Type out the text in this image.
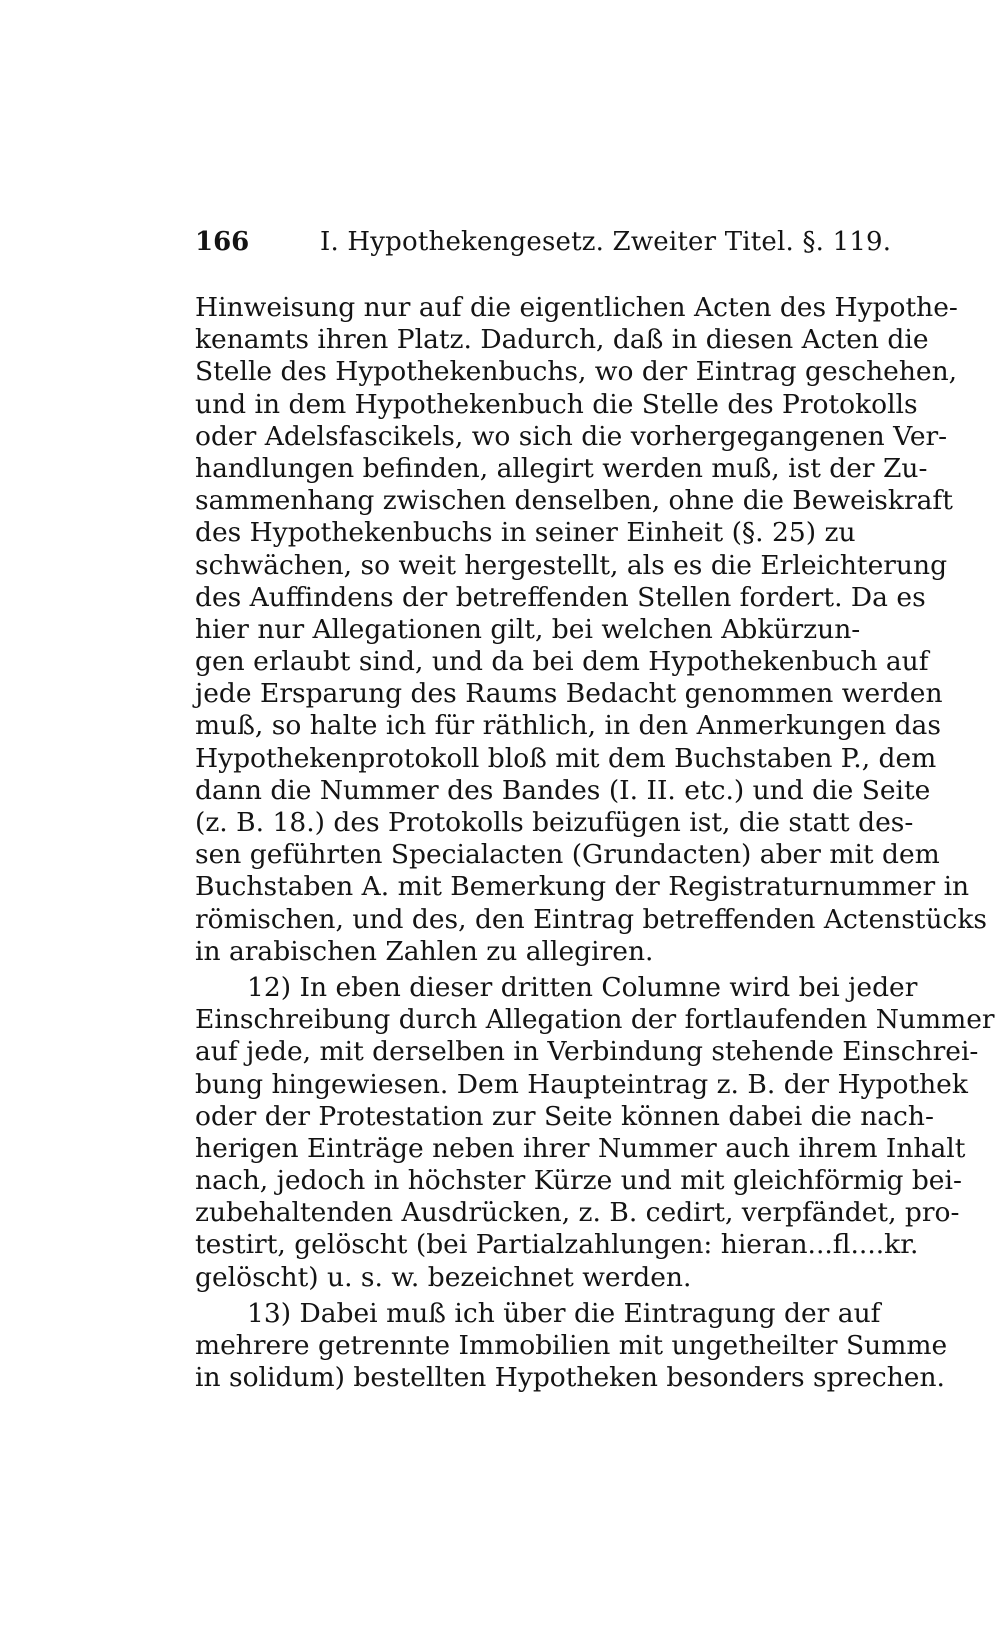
166	I. Hypothekengesetz. Zweiter Titel. §. 119.
Hinweisung nur auf die eigentlichen Acten des Hypothe-
kenamts ihren Platz. Dadurch, daß in diesen Acten die
Stelle des Hypothekenbuchs, wo der Eintrag geschehen,
und in dem Hypothekenbuch die Stelle des Protokolls
oder Adelsfascikels, wo sich die vorhergegangenen Ver-
handlungen befinden, allegirt werden muß, ist der Zu-
sammenhang zwischen denselben, ohne die Beweiskraft
des Hypothekenbuchs in seiner Einheit (§. 25) zu
schwächen, so weit hergestellt, als es die Erleichterung
des Auffindens der betreffenden Stellen fordert. Da es
hier nur Allegationen gilt, bei welchen Abkürzun-
gen erlaubt sind, und da bei dem Hypothekenbuch auf
jede Ersparung des Raums Bedacht genommen werden
muß, so halte ich für räthlich, in den Anmerkungen das
Hypothekenprotokoll bloß mit dem Buchstaben P., dem
dann die Nummer des Bandes (I. II. etc.) und die Seite
(z. B. 18.) des Protokolls beizufügen ist, die statt des-
sen geführten Specialacten (Grundacten) aber mit dem
Buchstaben A. mit Bemerkung der Registraturnummer in
römischen, und des, den Eintrag betreffenden Actenstücks
in arabischen Zahlen zu allegiren.
12) In eben dieser dritten Columne wird bei jeder
Einschreibung durch Allegation der fortlaufenden Nummer
auf jede, mit derselben in Verbindung stehende Einschrei-
bung hingewiesen. Dem Haupteintrag z. B. der Hypothek
oder der Protestation zur Seite können dabei die nach-
herigen Einträge neben ihrer Nummer auch ihrem Inhalt
nach, jedoch in höchster Kürze und mit gleichförmig bei-
zubehaltenden Ausdrücken, z. B. cedirt, verpfändet, pro-
testirt, gelöscht (bei Partialzahlungen: hieran...fl....kr.
gelöscht) u. s. w. bezeichnet werden.
13) Dabei muß ich über die Eintragung der auf
mehrere getrennte Immobilien mit ungetheilter Summe
in solidum) bestellten Hypotheken besonders sprechen.
